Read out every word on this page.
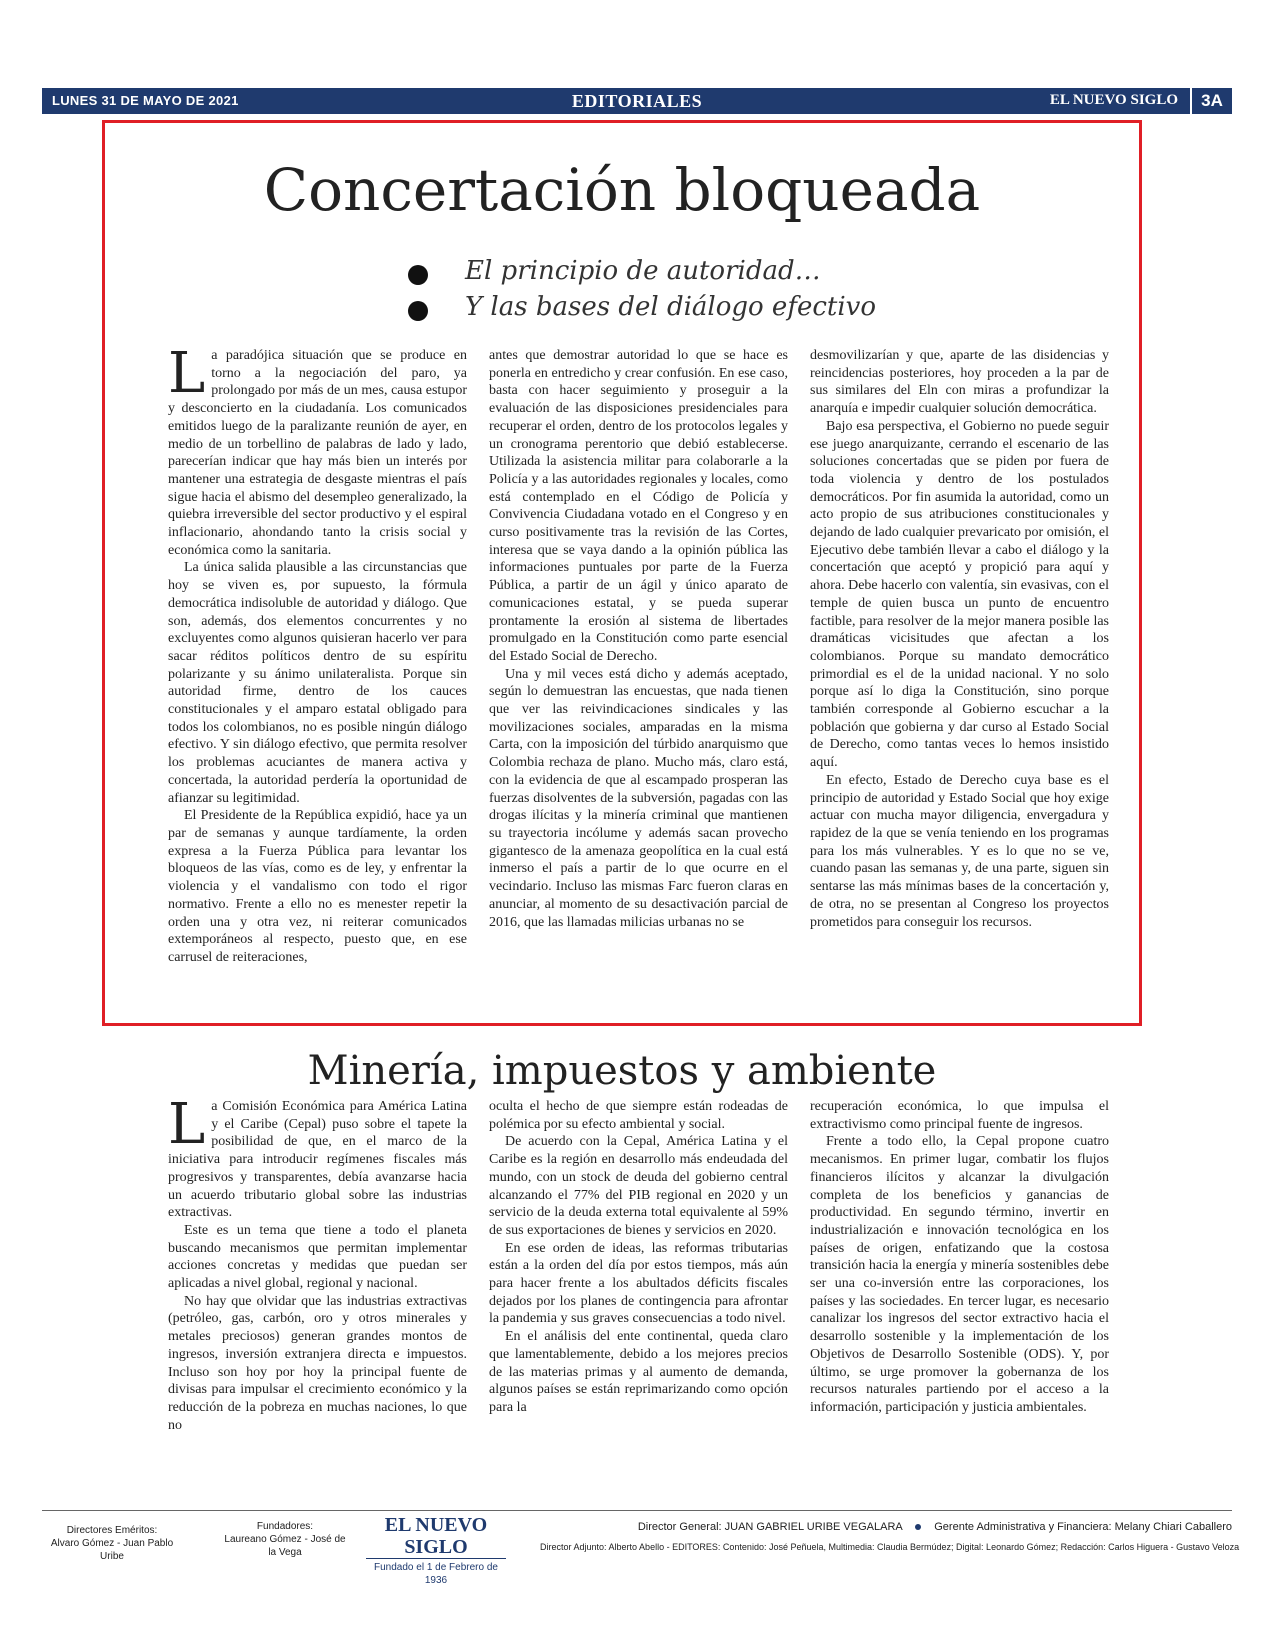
LUNES 31 DE MAYO DE 2021	EDITORIALES	EL NUEVO SIGLO	3A
Concertación bloqueada
El principio de autoridad…
Y las bases del diálogo efectivo

La paradójica situación que se produce en torno a la negociación del paro, ya prolongado por más de un mes, causa estupor y desconcierto en la ciudadanía. Los comunicados emitidos luego de la paralizante reunión de ayer, en medio de un torbellino de palabras de lado y lado, parecerían indicar que hay más bien un interés por mantener una estrategia de desgaste mientras el país sigue hacia el abismo del desempleo generalizado, la quiebra irreversible del sector productivo y el espiral inflacionario, ahondando tanto la crisis social y económica como la sanitaria.

La única salida plausible a las circunstancias que hoy se viven es, por supuesto, la fórmula democrática indisoluble de autoridad y diálogo. Que son, además, dos elementos concurrentes y no excluyentes como algunos quisieran hacerlo ver para sacar réditos políticos dentro de su espíritu polarizante y su ánimo unilateralista. Porque sin autoridad firme, dentro de los cauces constitucionales y el amparo estatal obligado para todos los colombianos, no es posible ningún diálogo efectivo. Y sin diálogo efectivo, que permita resolver los problemas acuciantes de manera activa y concertada, la autoridad perdería la oportunidad de afianzar su legitimidad.

El Presidente de la República expidió, hace ya un par de semanas y aunque tardíamente, la orden expresa a la Fuerza Pública para levantar los bloqueos de las vías, como es de ley, y enfrentar la violencia y el vandalismo con todo el rigor normativo. Frente a ello no es menester repetir la orden una y otra vez, ni reiterar comunicados extemporáneos al respecto, puesto que, en ese carrusel de reiteraciones,

antes que demostrar autoridad lo que se hace es ponerla en entredicho y crear confusión. En ese caso, basta con hacer seguimiento y proseguir a la evaluación de las disposiciones presidenciales para recuperar el orden, dentro de los protocolos legales y un cronograma perentorio que debió establecerse. Utilizada la asistencia militar para colaborarle a la Policía y a las autoridades regionales y locales, como está contemplado en el Código de Policía y Convivencia Ciudadana votado en el Congreso y en curso positivamente tras la revisión de las Cortes, interesa que se vaya dando a la opinión pública las informaciones puntuales por parte de la Fuerza Pública, a partir de un ágil y único aparato de comunicaciones estatal, y se pueda superar prontamente la erosión al sistema de libertades promulgado en la Constitución como parte esencial del Estado Social de Derecho.

Una y mil veces está dicho y además aceptado, según lo demuestran las encuestas, que nada tienen que ver las reivindicaciones sindicales y las movilizaciones sociales, amparadas en la misma Carta, con la imposición del túrbido anarquismo que Colombia rechaza de plano. Mucho más, claro está, con la evidencia de que al escampado prosperan las fuerzas disolventes de la subversión, pagadas con las drogas ilícitas y la minería criminal que mantienen su trayectoria incólume y además sacan provecho gigantesco de la amenaza geopolítica en la cual está inmerso el país a partir de lo que ocurre en el vecindario. Incluso las mismas Farc fueron claras en anunciar, al momento de su desactivación parcial de 2016, que las llamadas milicias urbanas no se

desmovilizarían y que, aparte de las disidencias y reincidencias posteriores, hoy proceden a la par de sus similares del Eln con miras a profundizar la anarquía e impedir cualquier solución democrática.

Bajo esa perspectiva, el Gobierno no puede seguir ese juego anarquizante, cerrando el escenario de las soluciones concertadas que se piden por fuera de toda violencia y dentro de los postulados democráticos. Por fin asumida la autoridad, como un acto propio de sus atribuciones constitucionales y dejando de lado cualquier prevaricato por omisión, el Ejecutivo debe también llevar a cabo el diálogo y la concertación que aceptó y propició para aquí y ahora. Debe hacerlo con valentía, sin evasivas, con el temple de quien busca un punto de encuentro factible, para resolver de la mejor manera posible las dramáticas vicisitudes que afectan a los colombianos. Porque su mandato democrático primordial es el de la unidad nacional. Y no solo porque así lo diga la Constitución, sino porque también corresponde al Gobierno escuchar a la población que gobierna y dar curso al Estado Social de Derecho, como tantas veces lo hemos insistido aquí.

En efecto, Estado de Derecho cuya base es el principio de autoridad y Estado Social que hoy exige actuar con mucha mayor diligencia, envergadura y rapidez de la que se venía teniendo en los programas para los más vulnerables. Y es lo que no se ve, cuando pasan las semanas y, de una parte, siguen sin sentarse las más mínimas bases de la concertación y, de otra, no se presentan al Congreso los proyectos prometidos para conseguir los recursos.

Minería, impuestos y ambiente

La Comisión Económica para América Latina y el Caribe (Cepal) puso sobre el tapete la posibilidad de que, en el marco de la iniciativa para introducir regímenes fiscales más progresivos y transparentes, debía avanzarse hacia un acuerdo tributario global sobre las industrias extractivas.

Este es un tema que tiene a todo el planeta buscando mecanismos que permitan implementar acciones concretas y medidas que puedan ser aplicadas a nivel global, regional y nacional.

No hay que olvidar que las industrias extractivas (petróleo, gas, carbón, oro y otros minerales y metales preciosos) generan grandes montos de ingresos, inversión extranjera directa e impuestos. Incluso son hoy por hoy la principal fuente de divisas para impulsar el crecimiento económico y la reducción de la pobreza en muchas naciones, lo que no

oculta el hecho de que siempre están rodeadas de polémica por su efecto ambiental y social.

De acuerdo con la Cepal, América Latina y el Caribe es la región en desarrollo más endeudada del mundo, con un stock de deuda del gobierno central alcanzando el 77% del PIB regional en 2020 y un servicio de la deuda externa total equivalente al 59% de sus exportaciones de bienes y servicios en 2020.

En ese orden de ideas, las reformas tributarias están a la orden del día por estos tiempos, más aún para hacer frente a los abultados déficits fiscales dejados por los planes de contingencia para afrontar la pandemia y sus graves consecuencias a todo nivel.

En el análisis del ente continental, queda claro que lamentablemente, debido a los mejores precios de las materias primas y al aumento de demanda, algunos países se están reprimarizando como opción para la

recuperación económica, lo que impulsa el extractivismo como principal fuente de ingresos.

Frente a todo ello, la Cepal propone cuatro mecanismos. En primer lugar, combatir los flujos financieros ilícitos y alcanzar la divulgación completa de los beneficios y ganancias de productividad. En segundo término, invertir en industrialización e innovación tecnológica en los países de origen, enfatizando que la costosa transición hacia la energía y minería sostenibles debe ser una co-inversión entre las corporaciones, los países y las sociedades. En tercer lugar, es necesario canalizar los ingresos del sector extractivo hacia el desarrollo sostenible y la implementación de los Objetivos de Desarrollo Sostenible (ODS). Y, por último, se urge promover la gobernanza de los recursos naturales partiendo por el acceso a la información, participación y justicia ambientales.

Directores Eméritos:
Alvaro Gómez - Juan Pablo Uribe
Fundadores:
Laureano Gómez - José de la Vega
EL NUEVO SIGLO
Fundado el 1 de Febrero de 1936
Director General: JUAN GABRIEL URIBE VEGALARA	Gerente Administrativa y Financiera: Melany Chiari Caballero
Director Adjunto: Alberto Abello - EDITORES: Contenido: José Peñuela, Multimedia: Claudia Bermúdez; Digital: Leonardo Gómez; Redacción: Carlos Higuera - Gustavo Veloza
